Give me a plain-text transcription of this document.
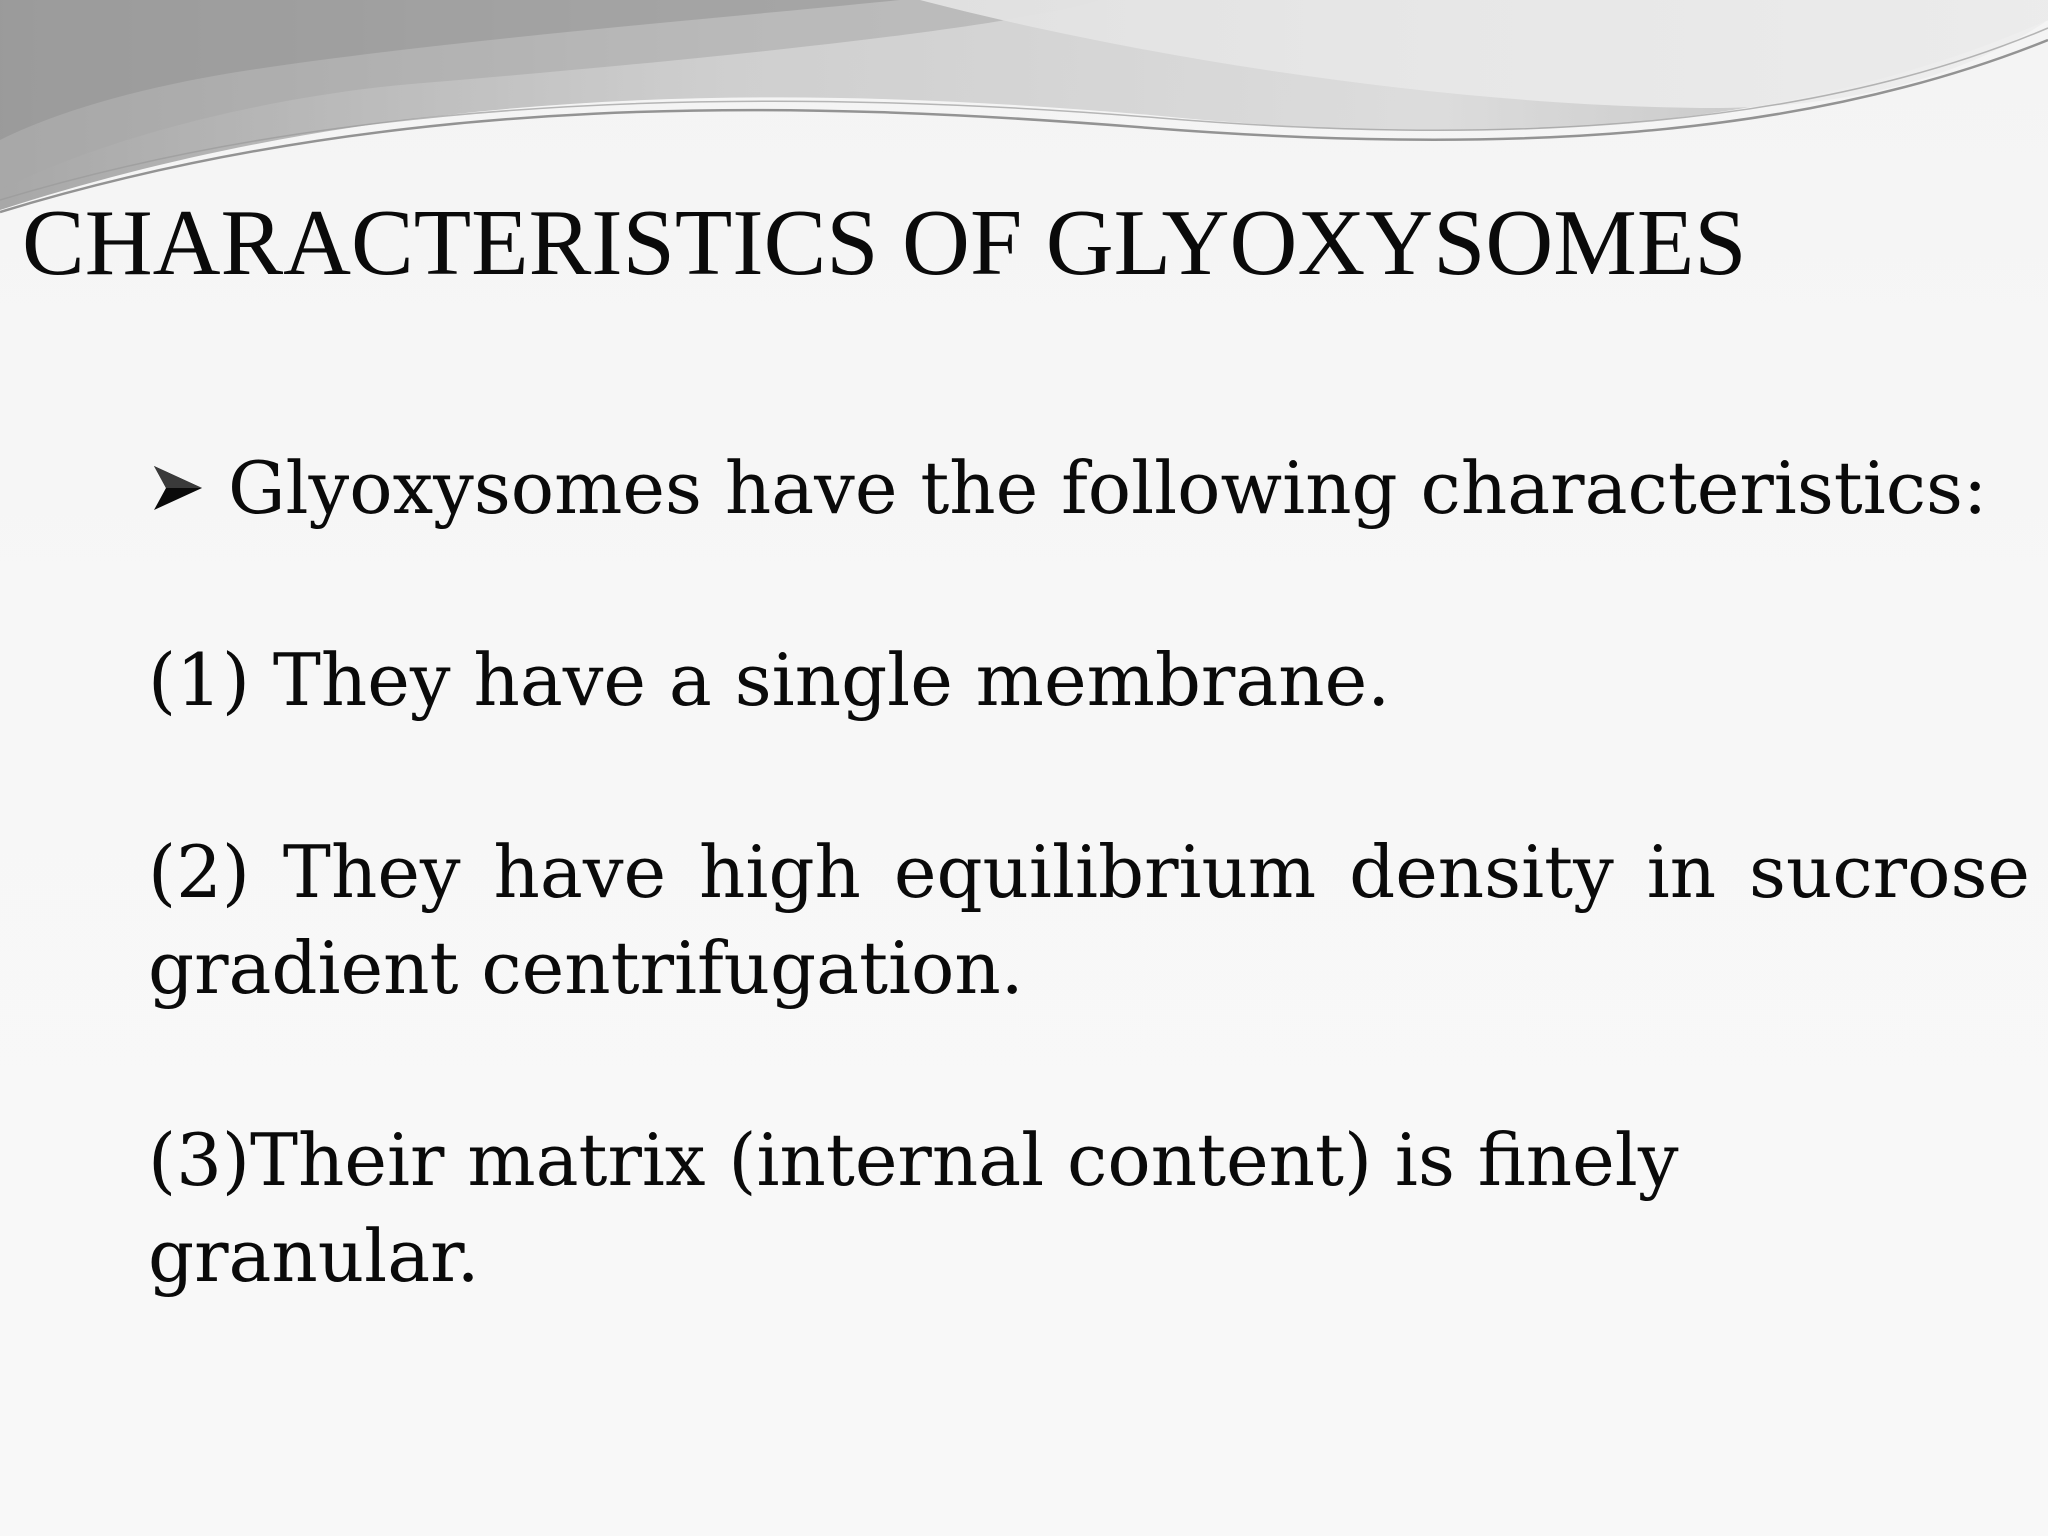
CHARACTERISTICS OF GLYOXYSOMES
Glyoxysomes have the following characteristics:

(1) They have a single membrane.

(2) They have high equilibrium density in sucrose gradient centrifugation.

(3)Their matrix (internal content) is finely granular.
